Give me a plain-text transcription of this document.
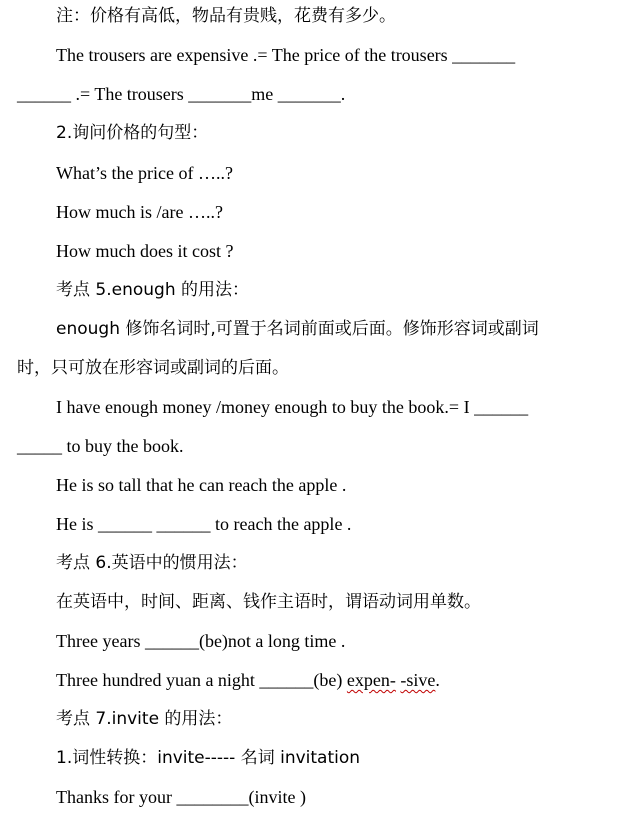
注：价格有高低，物品有贵贱，花费有多少。
The trousers are expensive .= The price of the trousers _______
______ .= The trousers _______me _______.
2.询问价格的句型：
What’s the price of …..?
How much is /are …..?
How much does it cost ?
考点 5.enough 的用法：
enough 修饰名词时,可置于名词前面或后面。修饰形容词或副词
时，只可放在形容词或副词的后面。
I have enough money /money enough to buy the book.= I ______
_____ to buy the book.
He is so tall that he can reach the apple .
He is ______ ______ to reach the apple .
考点 6.英语中的惯用法：
在英语中，时间、距离、钱作主语时，谓语动词用单数。
Three years ______(be)not a long time .
Three hundred yuan a night ______(be) expen- -sive.
考点 7.invite 的用法：
1.词性转换：invite----- 名词 invitation
Thanks for your ________(invite )
